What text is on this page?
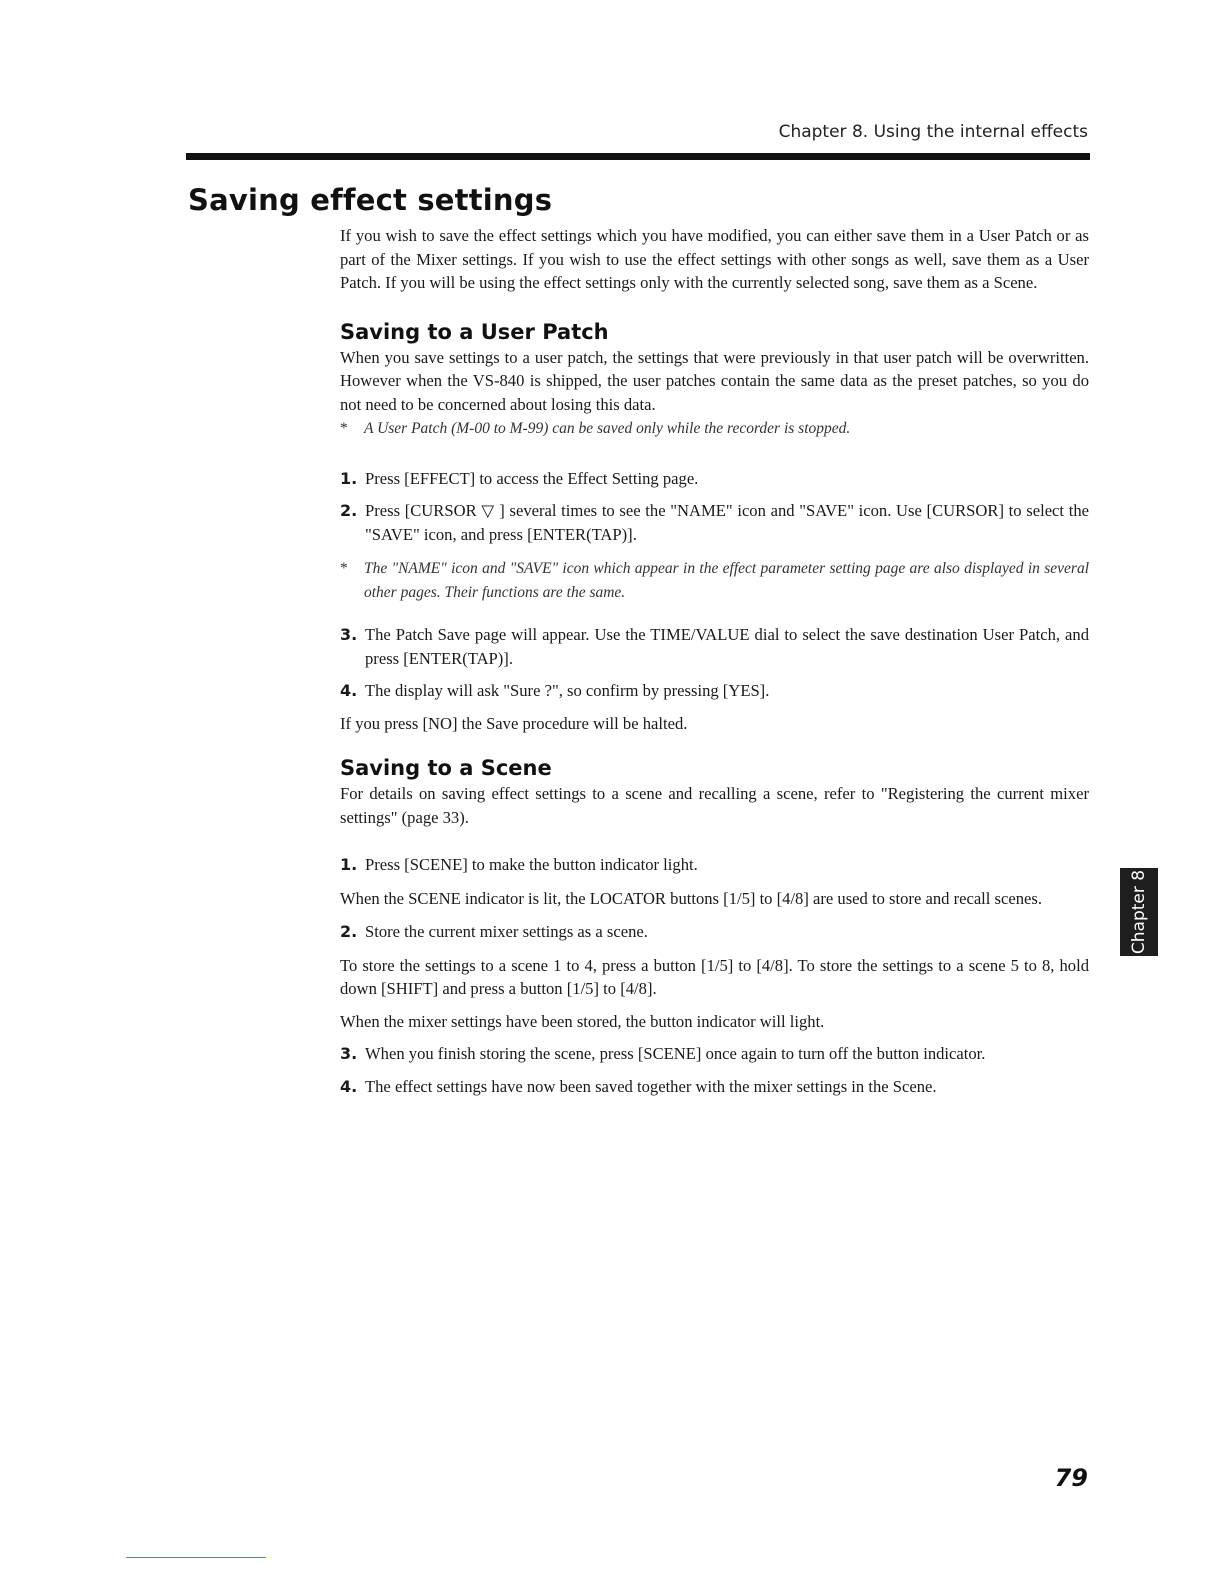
Chapter 8. Using the internal effects
Saving effect settings

If you wish to save the effect settings which you have modified, you can either save them in a User Patch or as part of the Mixer settings. If you wish to use the effect settings with other songs as well, save them as a User Patch. If you will be using the effect settings only with the currently selected song, save them as a Scene.

Saving to a User Patch

When you save settings to a user patch, the settings that were previously in that user patch will be overwritten. However when the VS-840 is shipped, the user patches contain the same data as the preset patches, so you do not need to be concerned about losing this data.

*	A User Patch (M-00 to M-99) can be saved only while the recorder is stopped.
1. Press [EFFECT] to access the Effect Setting page.
2. Press [CURSOR ▽ ] several times to see the "NAME" icon and "SAVE" icon. Use [CURSOR] to select the "SAVE" icon, and press [ENTER(TAP)].
*	The "NAME" icon and "SAVE" icon which appear in the effect parameter setting page are also displayed in several other pages. Their functions are the same.
3. The Patch Save page will appear. Use the TIME/VALUE dial to select the save destination User Patch, and press [ENTER(TAP)].
4. The display will ask "Sure ?", so confirm by pressing [YES].

If you press [NO] the Save procedure will be halted.

Saving to a Scene

For details on saving effect settings to a scene and recalling a scene, refer to "Registering the current mixer settings" (page 33).

1. Press [SCENE] to make the button indicator light.

When the SCENE indicator is lit, the LOCATOR buttons [1/5] to [4/8] are used to store and recall scenes.

2. Store the current mixer settings as a scene.

To store the settings to a scene 1 to 4, press a button [1/5] to [4/8]. To store the settings to a scene 5 to 8, hold down [SHIFT] and press a button [1/5] to [4/8].

When the mixer settings have been stored, the button indicator will light.

3. When you finish storing the scene, press [SCENE] once again to turn off the button indicator.
4. The effect settings have now been saved together with the mixer settings in the Scene.
Chapter 8
79
